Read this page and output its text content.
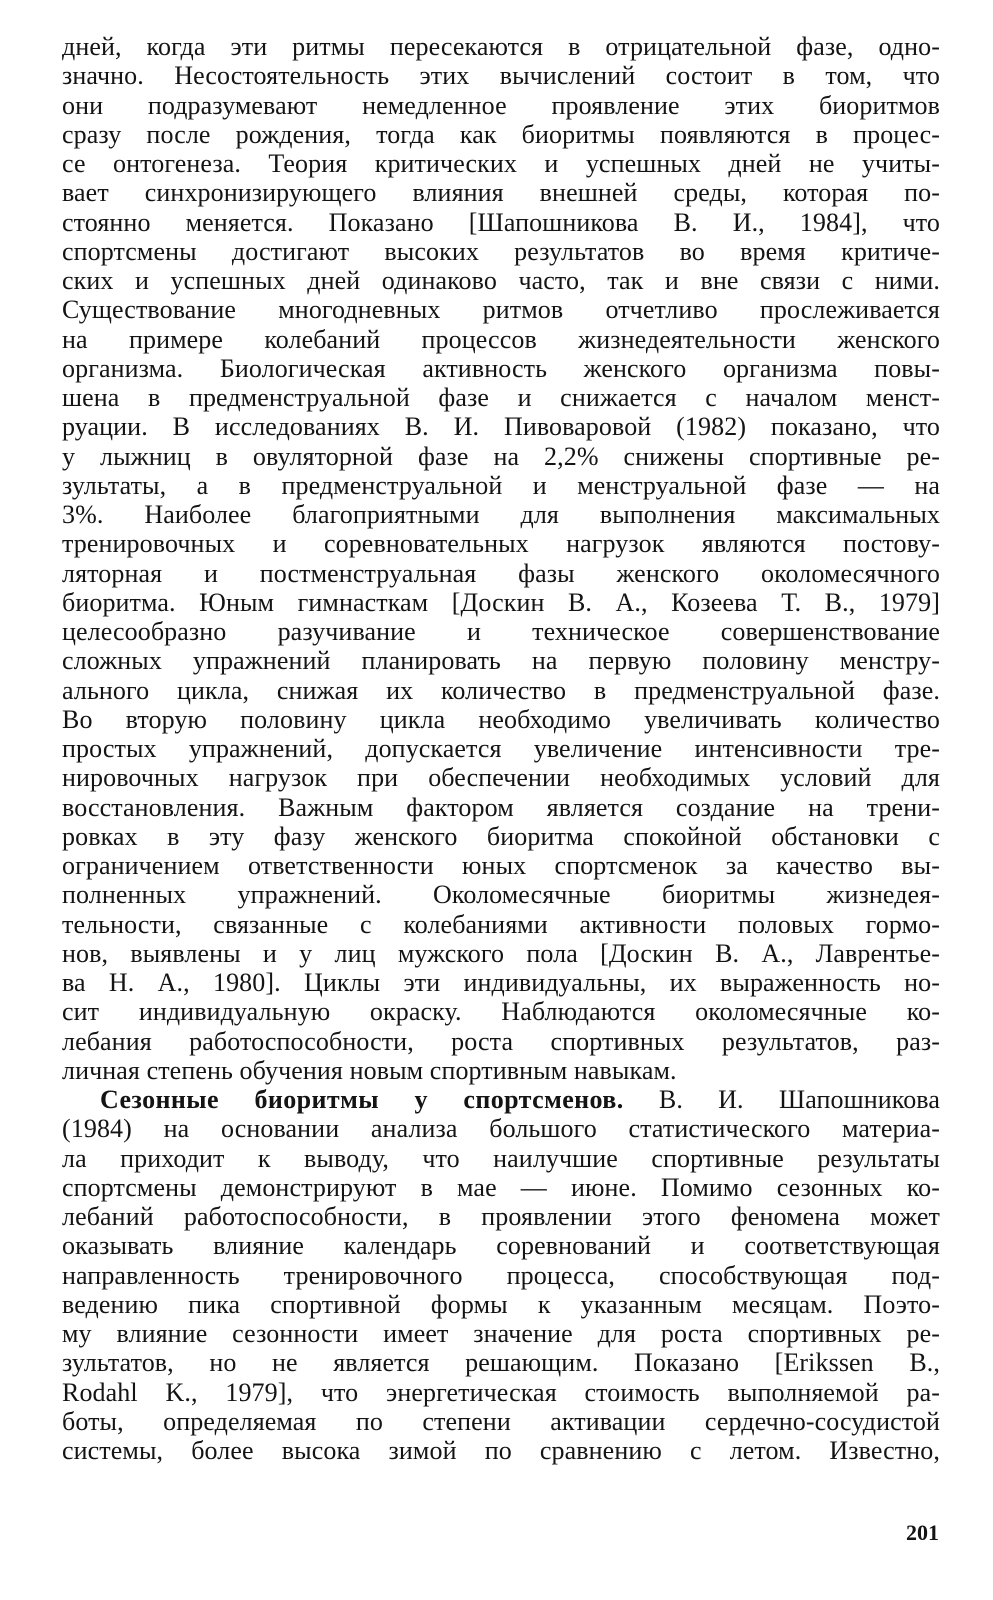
дней, когда эти ритмы пересекаются в отрицательной фазе, одно-
значно. Несостоятельность этих вычислений состоит в том, что
они подразумевают немедленное проявление этих биоритмов
сразу после рождения, тогда как биоритмы появляются в процес-
се онтогенеза. Теория критических и успешных дней не учиты-
вает синхронизирующего влияния внешней среды, которая по-
стоянно меняется. Показано [Шапошникова В. И., 1984], что
спортсмены достигают высоких результатов во время критиче-
ских и успешных дней одинаково часто, так и вне связи с ними.
Существование многодневных ритмов отчетливо прослеживается
на примере колебаний процессов жизнедеятельности женского
организма. Биологическая активность женского организма повы-
шена в предменструальной фазе и снижается с началом менст-
руации. В исследованиях В. И. Пивоваровой (1982) показано, что
у лыжниц в овуляторной фазе на 2,2% снижены спортивные ре-
зультаты, а в предменструальной и менструальной фазе — на
3%. Наиболее благоприятными для выполнения максимальных
тренировочных и соревновательных нагрузок являются постову-
ляторная и постменструальная фазы женского околомесячного
биоритма. Юным гимнасткам [Доскин В. А., Козеева Т. В., 1979]
целесообразно разучивание и техническое совершенствование
сложных упражнений планировать на первую половину менстру-
ального цикла, снижая их количество в предменструальной фазе.
Во вторую половину цикла необходимо увеличивать количество
простых упражнений, допускается увеличение интенсивности тре-
нировочных нагрузок при обеспечении необходимых условий для
восстановления. Важным фактором является создание на трени-
ровках в эту фазу женского биоритма спокойной обстановки с
ограничением ответственности юных спортсменок за качество вы-
полненных упражнений. Околомесячные биоритмы жизнедея-
тельности, связанные с колебаниями активности половых гормо-
нов, выявлены и у лиц мужского пола [Доскин В. А., Лаврентье-
ва Н. А., 1980]. Циклы эти индивидуальны, их выраженность но-
сит индивидуальную окраску. Наблюдаются околомесячные ко-
лебания работоспособности, роста спортивных результатов, раз-
личная степень обучения новым спортивным навыкам.
Сезонные биоритмы у спортсменов. В. И. Шапошникова
(1984) на основании анализа большого статистического материа-
ла приходит к выводу, что наилучшие спортивные результаты
спортсмены демонстрируют в мае — июне. Помимо сезонных ко-
лебаний работоспособности, в проявлении этого феномена может
оказывать влияние календарь соревнований и соответствующая
направленность тренировочного процесса, способствующая под-
ведению пика спортивной формы к указанным месяцам. Поэто-
му влияние сезонности имеет значение для роста спортивных ре-
зультатов, но не является решающим. Показано [Erikssen B.,
Rodahl K., 1979], что энергетическая стоимость выполняемой ра-
боты, определяемая по степени активации сердечно-сосудистой
системы, более высока зимой по сравнению с летом. Известно,
201
